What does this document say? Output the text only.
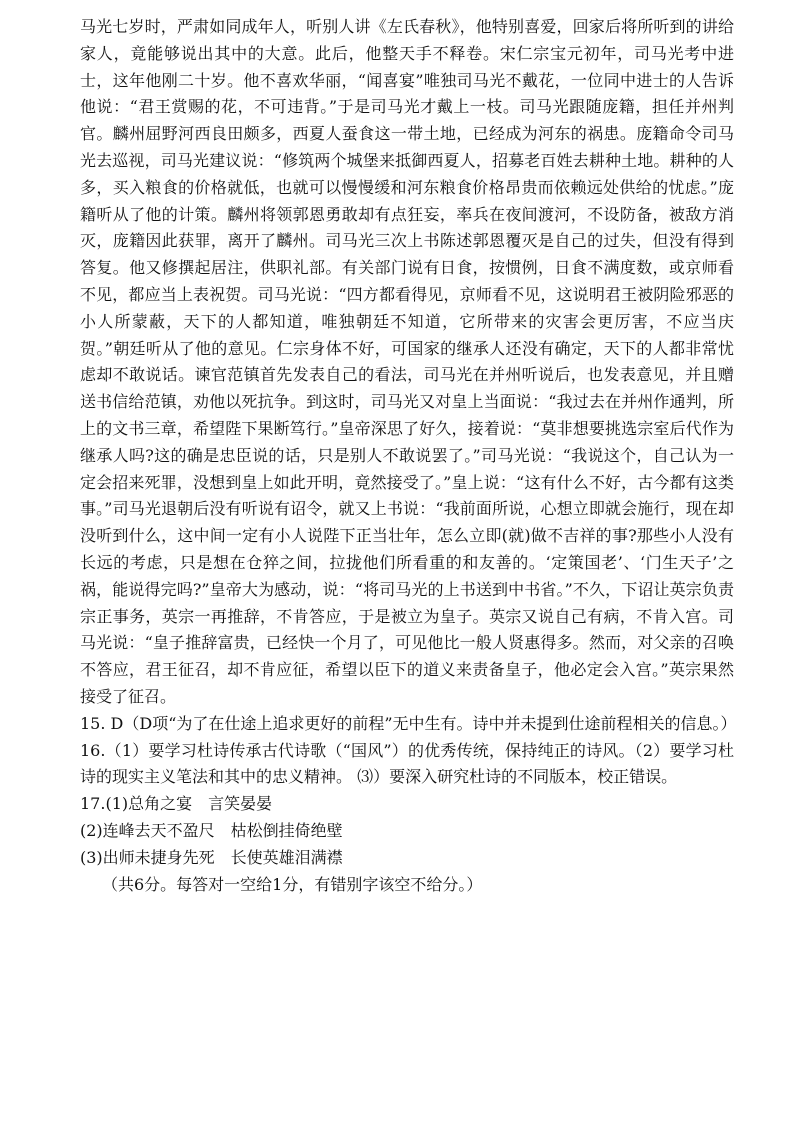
马光七岁时，严肃如同成年人，听别人讲《左氏春秋》，他特别喜爱，回家后将所听到的讲给家人，竟能够说出其中的大意。此后，他整天手不释卷。宋仁宗宝元初年，司马光考中进士，这年他刚二十岁。他不喜欢华丽，“闻喜宴”唯独司马光不戴花，一位同中进士的人告诉他说：“君王赏赐的花，不可违背。”于是司马光才戴上一枝。司马光跟随庞籍，担任并州判官。麟州屈野河西良田颇多，西夏人蚕食这一带土地，已经成为河东的祸患。庞籍命令司马光去巡视，司马光建议说：“修筑两个城堡来抵御西夏人，招募老百姓去耕种土地。耕种的人多，买入粮食的价格就低，也就可以慢慢缓和河东粮食价格昂贵而依赖远处供给的忧虑。”庞籍听从了他的计策。麟州将领郭恩勇敢却有点狂妄，率兵在夜间渡河，不设防备，被敌方消灭，庞籍因此获罪，离开了麟州。司马光三次上书陈述郭恩覆灭是自己的过失，但没有得到答复。他又修撰起居注，供职礼部。有关部门说有日食，按惯例，日食不满度数，或京师看不见，都应当上表祝贺。司马光说：“四方都看得见，京师看不见，这说明君王被阴险邪恶的小人所蒙蔽，天下的人都知道，唯独朝廷不知道，它所带来的灾害会更厉害，不应当庆贺。”朝廷听从了他的意见。仁宗身体不好，可国家的继承人还没有确定，天下的人都非常忧虑却不敢说话。谏官范镇首先发表自己的看法，司马光在并州听说后，也发表意见，并且赠送书信给范镇，劝他以死抗争。到这时，司马光又对皇上当面说：“我过去在并州作通判，所上的文书三章，希望陛下果断笃行。”皇帝深思了好久，接着说：“莫非想要挑选宗室后代作为继承人吗?这的确是忠臣说的话，只是别人不敢说罢了。”司马光说：“我说这个，自己认为一定会招来死罪，没想到皇上如此开明，竟然接受了。”皇上说：“这有什么不好，古今都有这类事。”司马光退朝后没有听说有诏令，就又上书说：“我前面所说，心想立即就会施行，现在却没听到什么，这中间一定有小人说陛下正当壮年，怎么立即(就)做不吉祥的事?那些小人没有长远的考虑，只是想在仓猝之间，拉拢他们所看重的和友善的。‘定策国老’、‘门生天子’之祸，能说得完吗?”皇帝大为感动，说：“将司马光的上书送到中书省。”不久，下诏让英宗负责宗正事务，英宗一再推辞，不肯答应，于是被立为皇子。英宗又说自己有病，不肯入宫。司马光说：“皇子推辞富贵，已经快一个月了，可见他比一般人贤惠得多。然而，对父亲的召唤不答应，君王征召，却不肯应征，希望以臣下的道义来责备皇子，他必定会入宫。”英宗果然接受了征召。

15. D（D项“为了在仕途上追求更好的前程”无中生有。诗中并未提到仕途前程相关的信息。）

16.（1）要学习杜诗传承古代诗歌（“国风”）的优秀传统，保持纯正的诗风。（2）要学习杜诗的现实主义笔法和其中的忠义精神。 ⑶）要深入研究杜诗的不同版本，校正错误。

17.(1)总角之宴　言笑晏晏

(2)连峰去天不盈尺　枯松倒挂倚绝壁

(3)出师未捷身先死　长使英雄泪满襟

（共6分。每答对一空给1分，有错别字该空不给分。）
